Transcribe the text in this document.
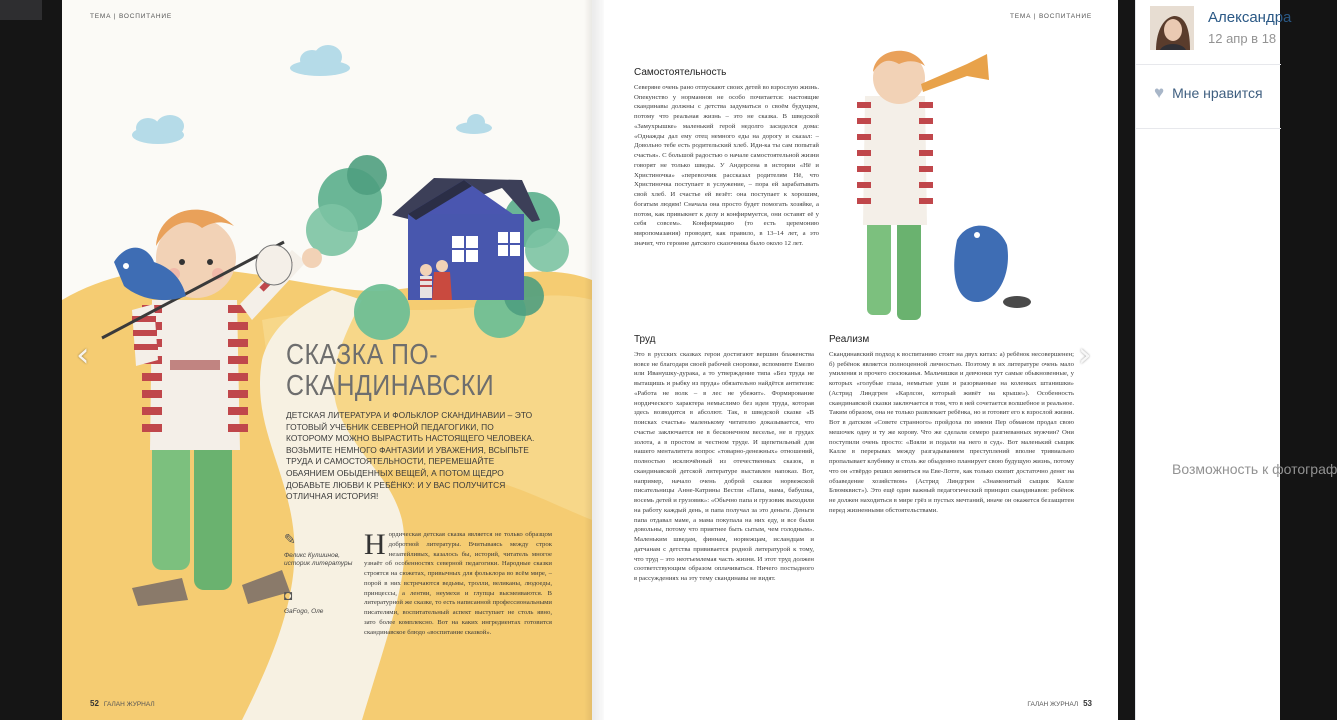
ТЕМА | ВОСПИТАНИЕ
СКАЗКА ПО-СКАНДИНАВСКИ

ДЕТСКАЯ ЛИТЕРАТУРА И ФОЛЬКЛОР СКАНДИНАВИИ – ЭТО ГОТОВЫЙ УЧЕБНИК СЕВЕРНОЙ ПЕДАГОГИКИ, ПО КОТОРОМУ МОЖНО ВЫРАСТИТЬ НАСТОЯЩЕГО ЧЕЛОВЕКА. ВОЗЬМИТЕ НЕМНОГО ФАНТАЗИИ И УВАЖЕНИЯ, ВСЫПЬТЕ ТРУДА И САМОСТОЯТЕЛЬНОСТИ, ПЕРЕМЕШАЙТЕ ОБАЯНИЕМ ОБЫДЕННЫХ ВЕЩЕЙ, А ПОТОМ ЩЕДРО ДОБАВЬТЕ ЛЮБВИ К РЕБЁНКУ: И У ВАС ПОЛУЧИТСЯ ОТЛИЧНАЯ ИСТОРИЯ!

✎
Феликс Кулшинов, историк литературы
◘
GaFogo, Оле
Нордическая детская сказка является не только образцом добротной литературы. Вчитываясь между строк незатейливых, казалось бы, историй, читатель многое узнаёт об особенностях северной педагогики. Народные сказки строятся на сюжетах, привычных для фольклора во всём мире, – порой в них встречаются ведьмы, тролли, великаны, людоеды, принцессы, а лентяи, неумехи и глупцы высмеиваются. В литературной же сказке, то есть написанной профессиональными писателями, воспитательный аспект выступает не столь явно, зато более комплексно. Вот на каких ингредиентах готовится скандинавское блюдо «воспитание сказкой».
52 ГАЛАН ЖУРНАЛ
ТЕМА | ВОСПИТАНИЕ
Самостоятельность

Северяне очень рано отпускают своих детей во взрослую жизнь. Опекунство у норманнов не особо почитается: настоящие скандинавы должны с детства задуматься о своём будущем, потому что реальная жизнь – это не сказка. В шведской «Замухрышке» маленький герой недолго засиделся дома: «Однажды дал ему отец немного еды на дорогу и сказал: – Довольно тебе есть родительский хлеб. Иди-ка ты сам попытай счастья». С большой радостью о начале самостоятельной жизни говорят не только шведы. У Андерсена в истории «Нё и Христиночка» «перевозчик рассказал родителям Нё, что Христиночка поступает в услужение, – пора ей зарабатывать свой хлеб. И счастье ей везёт: она поступает к хорошим, богатым людям! Сначала она просто будет помогать хозяйке, а потом, как привыкнет к делу и конфирмуется, они оставят её у себя совсем». Конфирмацию (то есть церемонию миропомазания) проводят, как правило, в 13–14 лет, а это значит, что героине датского сказочника было около 12 лет.

Труд

Это в русских сказках герои достигают вершин блаженства вовсе не благодаря своей рабочей сноровке, вспомните Емелю или Иванушку-дурака, а то утверждение типа «Без труда не вытащишь и рыбку из пруда» обязательно найдётся антитезис «Работа не волк – в лес не убежит». Формирование нордического характера немыслимо без идеи труда, которая здесь возводится в абсолют. Так, в шведской сказке «В поисках счастья» маленькому читателю доказывается, что счастье заключается не в бесконечном веселье, не в грудах золота, а в простом и честном труде. И щепетильный для нашего менталитета вопрос «товарно-денежных» отношений, полностью исключённый из отечественных сказок, в скандинавской детской литературе выставлен напоказ. Вот, например, начало очень доброй сказки норвежской писательницы Анне-Катрины Вестли «Папа, мама, бабушка, восемь детей и грузовик»: «Обычно папа и грузовик выходили на работу каждый день, и папа получал за это деньги. Деньги папа отдавал маме, а мама покупала на них еду, и все были довольны, потому что приятнее быть сытым, чем голодным». Маленьким шведам, финнам, норвежцам, исландцам и датчанам с детства прививается родной литературой к тому, что труд – это неотъемлемая часть жизни. И этот труд должен соответствующим образом оплачиваться. Ничего постыдного в рассуждениях на эту тему скандинавы не видят.

Реализм

Скандинавский подход к воспитанию стоит на двух китах: а) ребёнок несовершенен; б) ребёнок является полноценной личностью. Поэтому в их литературе очень мало умиления и прочего сюсюканья. Мальчишки и девчонки тут самые обыкновенные, у которых «голубые глаза, немытые уши и разорванные на коленках штанишки» (Астрид Линдгрен «Карлсон, который живёт на крыше»). Особенность скандинавской сказки заключается в том, что в ней сочетается волшебное и реальное. Таким образом, она не только развлекает ребёнка, но и готовит его к взрослой жизни. Вот в датском «Совете странного» пройдоха по имени Пер обманом продал свою мешочек одну и ту же корову. Что же сделали семеро разгневанных мужчин? Они поступили очень просто: «Взяли и подали на него в суд». Вот маленький сыщик Калле в перерывах между разгадыванием преступлений вполне тривиально пропалывает клубнику и столь же обыденно планирует свою будущую жизнь, потому что он «твёрдо решил жениться на Еве-Лотте, как только скопит достаточно денег на обзаведение хозяйством» (Астрид Линдгрен «Знаменитый сыщик Калле Блюмквист»). Это ещё один важный педагогический принцип скандинавов: ребёнок не должен находиться в мире грёз и пустых мечтаний, иначе он окажется беззащитен перед жизненными обстоятельствами.

ГАЛАН ЖУРНАЛ 53
‹	›
Александра
12 апр в 18
♥ Мне нравится
Возможность к фотограф
